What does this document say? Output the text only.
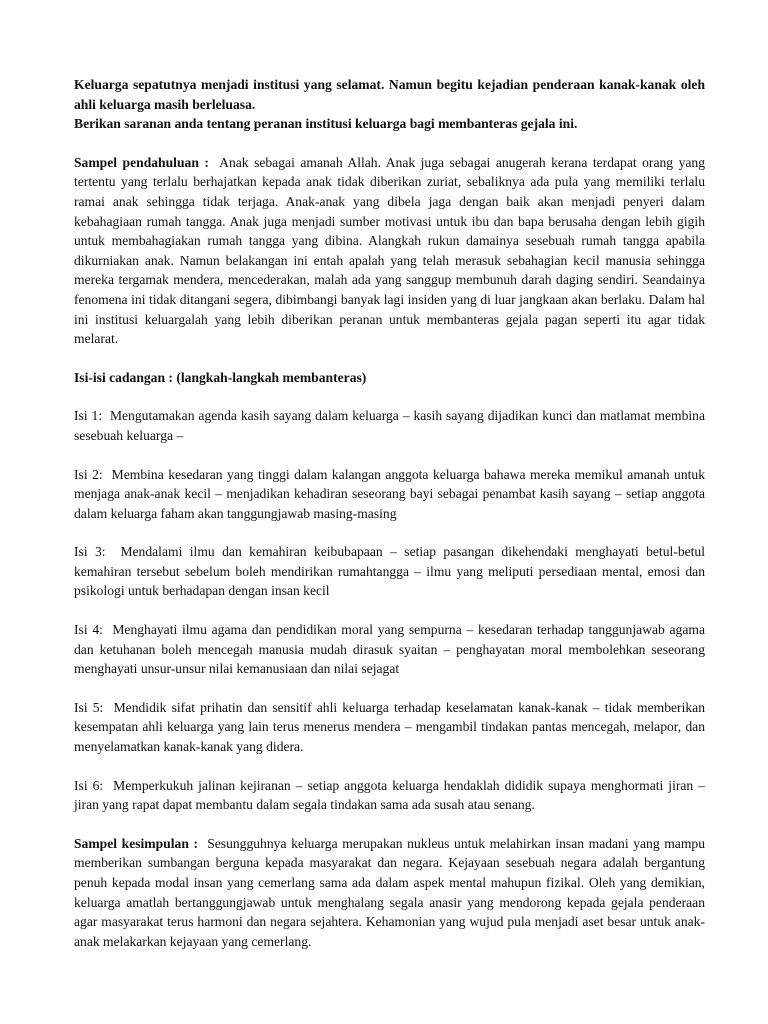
Keluarga sepatutnya menjadi institusi yang selamat. Namun begitu kejadian penderaan kanak-kanak oleh ahli keluarga masih berleluasa.
Berikan saranan anda tentang peranan institusi keluarga bagi membanteras gejala ini.

Sampel pendahuluan : Anak sebagai amanah Allah. Anak juga sebagai anugerah kerana terdapat orang yang tertentu yang terlalu berhajatkan kepada anak tidak diberikan zuriat, sebaliknya ada pula yang memiliki terlalu ramai anak sehingga tidak terjaga. Anak-anak yang dibela jaga dengan baik akan menjadi penyeri dalam kebahagiaan rumah tangga. Anak juga menjadi sumber motivasi untuk ibu dan bapa berusaha dengan lebih gigih untuk membahagiakan rumah tangga yang dibina. Alangkah rukun damainya sesebuah rumah tangga apabila dikurniakan anak. Namun belakangan ini entah apalah yang telah merasuk sebahagian kecil manusia sehingga mereka tergamak mendera, mencederakan, malah ada yang sanggup membunuh darah daging sendiri. Seandainya fenomena ini tidak ditangani segera, dibimbangi banyak lagi insiden yang di luar jangkaan akan berlaku. Dalam hal ini institusi keluargalah yang lebih diberikan peranan untuk membanteras gejala pagan seperti itu agar tidak melarat.

Isi-isi cadangan : (langkah-langkah membanteras)

Isi 1: Mengutamakan agenda kasih sayang dalam keluarga – kasih sayang dijadikan kunci dan matlamat membina sesebuah keluarga –

Isi 2: Membina kesedaran yang tinggi dalam kalangan anggota keluarga bahawa mereka memikul amanah untuk menjaga anak-anak kecil – menjadikan kehadiran seseorang bayi sebagai penambat kasih sayang – setiap anggota dalam keluarga faham akan tanggungjawab masing-masing

Isi 3: Mendalami ilmu dan kemahiran keibubapaan – setiap pasangan dikehendaki menghayati betul-betul kemahiran tersebut sebelum boleh mendirikan rumahtangga – ilmu yang meliputi persediaan mental, emosi dan psikologi untuk berhadapan dengan insan kecil

Isi 4: Menghayati ilmu agama dan pendidikan moral yang sempurna – kesedaran terhadap tanggunjawab agama dan ketuhanan boleh mencegah manusia mudah dirasuk syaitan – penghayatan moral membolehkan seseorang menghayati unsur-unsur nilai kemanusiaan dan nilai sejagat

Isi 5: Mendidik sifat prihatin dan sensitif ahli keluarga terhadap keselamatan kanak-kanak – tidak memberikan kesempatan ahli keluarga yang lain terus menerus mendera – mengambil tindakan pantas mencegah, melapor, dan menyelamatkan kanak-kanak yang didera.

Isi 6: Memperkukuh jalinan kejiranan – setiap anggota keluarga hendaklah dididik supaya menghormati jiran – jiran yang rapat dapat membantu dalam segala tindakan sama ada susah atau senang.

Sampel kesimpulan : Sesungguhnya keluarga merupakan nukleus untuk melahirkan insan madani yang mampu memberikan sumbangan berguna kepada masyarakat dan negara. Kejayaan sesebuah negara adalah bergantung penuh kepada modal insan yang cemerlang sama ada dalam aspek mental mahupun fizikal. Oleh yang demikian, keluarga amatlah bertanggungjawab untuk menghalang segala anasir yang mendorong kepada gejala penderaan agar masyarakat terus harmoni dan negara sejahtera. Kehamonian yang wujud pula menjadi aset besar untuk anak-anak melakarkan kejayaan yang cemerlang.
